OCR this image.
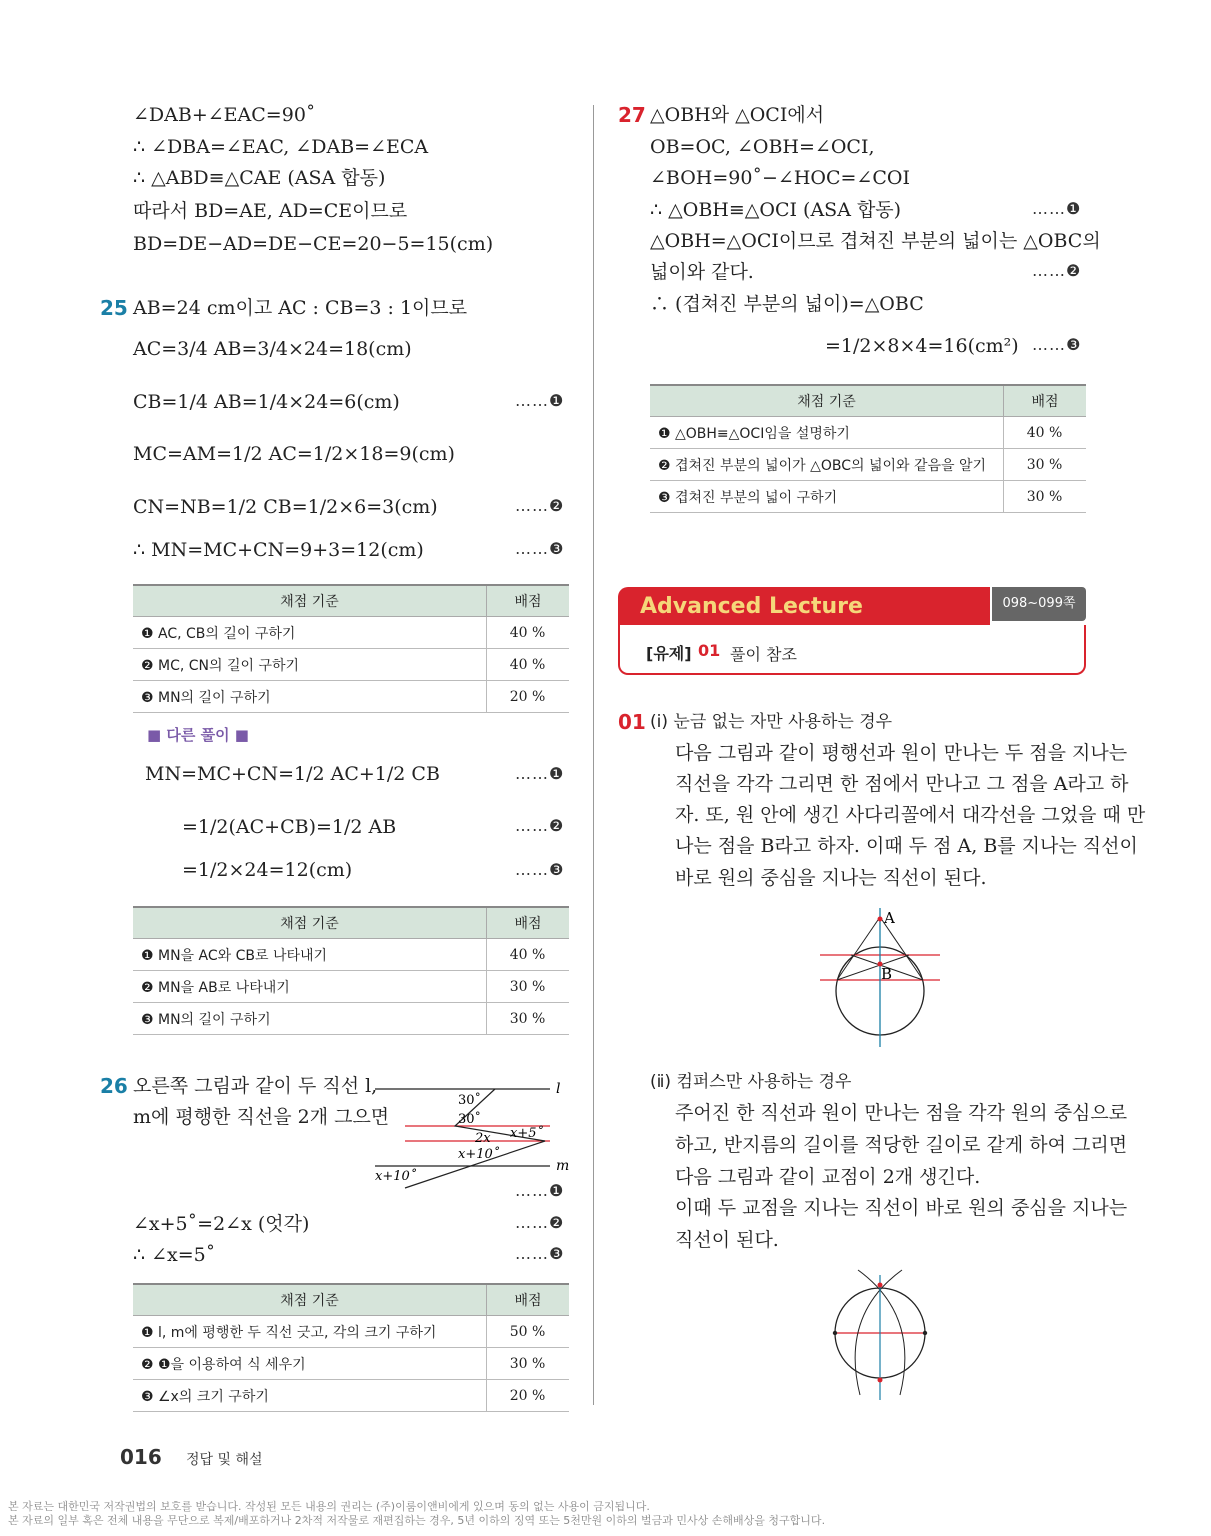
∠DAB+∠EAC=90˚
∴ ∠DBA=∠EAC, ∠DAB=∠ECA
∴ △ABD≡△CAE (ASA 합동)
따라서 BD=AE, AD=CE이므로
BD=DE−AD=DE−CE=20−5=15(cm)
25 AB=24 cm이고 AC : CB=3 : 1이므로
AC=3/4 AB=3/4×24=18(cm)
CB=1/4 AB=1/4×24=6(cm)	……❶
MC=AM=1/2 AC=1/2×18=9(cm)
CN=NB=1/2 CB=1/2×6=3(cm)	……❷
∴ MN=MC+CN=9+3=12(cm)	……❸
채점 기준	배점
❶ AC, CB의 길이 구하기	40 %
❷ MC, CN의 길이 구하기	40 %
❸ MN의 길이 구하기	20 %
■ 다른 풀이 ■
MN=MC+CN=1/2 AC+1/2 CB	……❶
=1/2(AC+CB)=1/2 AB	……❷
=1/2×24=12(cm)	……❸
채점 기준	배점
❶ MN을 AC와 CB로 나타내기	40 %
❷ MN을 AB로 나타내기	30 %
❸ MN의 길이 구하기	30 %
26 오른쪽 그림과 같이 두 직선 l,
m에 평행한 직선을 2개 그으면
l
m
30˚
30˚
2x x+5˚
x+10˚
x+10˚
……❶
∠x+5˚=2∠x (엇각)	……❷
∴ ∠x=5˚	……❸
채점 기준	배점
❶ l, m에 평행한 두 직선 긋고, 각의 크기 구하기	50 %
❷ ❶을 이용하여 식 세우기	30 %
❸ ∠x의 크기 구하기	20 %
27 △OBH와 △OCI에서
OB=OC, ∠OBH=∠OCI,
∠BOH=90˚−∠HOC=∠COI
∴ △OBH≡△OCI (ASA 합동)	……❶
△OBH=△OCI이므로 겹쳐진 부분의 넓이는 △OBC의
넓이와 같다.	……❷
∴ (겹쳐진 부분의 넓이)=△OBC
=1/2×8×4=16(cm²) ……❸
채점 기준	배점
❶ △OBH≡△OCI임을 설명하기	40 %
❷ 겹쳐진 부분의 넓이가 △OBC의 넓이와 같음을 알기	30 %
❸ 겹쳐진 부분의 넓이 구하기	30 %
Advanced Lecture	098~099쪽
[유제] 01 풀이 참조
01 (ⅰ) 눈금 없는 자만 사용하는 경우
다음 그림과 같이 평행선과 원이 만나는 두 점을 지나는
직선을 각각 그리면 한 점에서 만나고 그 점을 A라고 하
자. 또, 원 안에 생긴 사다리꼴에서 대각선을 그었을 때 만
나는 점을 B라고 하자. 이때 두 점 A, B를 지나는 직선이
바로 원의 중심을 지나는 직선이 된다.
A
B
(ⅱ) 컴퍼스만 사용하는 경우
주어진 한 직선과 원이 만나는 점을 각각 원의 중심으로
하고, 반지름의 길이를 적당한 길이로 같게 하여 그리면
다음 그림과 같이 교점이 2개 생긴다.
이때 두 교점을 지나는 직선이 바로 원의 중심을 지나는
직선이 된다.
016 정답 및 해설
본 자료는 대한민국 저작권법의 보호를 받습니다. 작성된 모든 내용의 권리는 (주)이룸이앤비에게 있으며 동의 없는 사용이 금지됩니다.
본 자료의 일부 혹은 전체 내용을 무단으로 복제/배포하거나 2차적 저작물로 재편집하는 경우, 5년 이하의 징역 또는 5천만원 이하의 벌금과 민사상 손해배상을 청구합니다.
